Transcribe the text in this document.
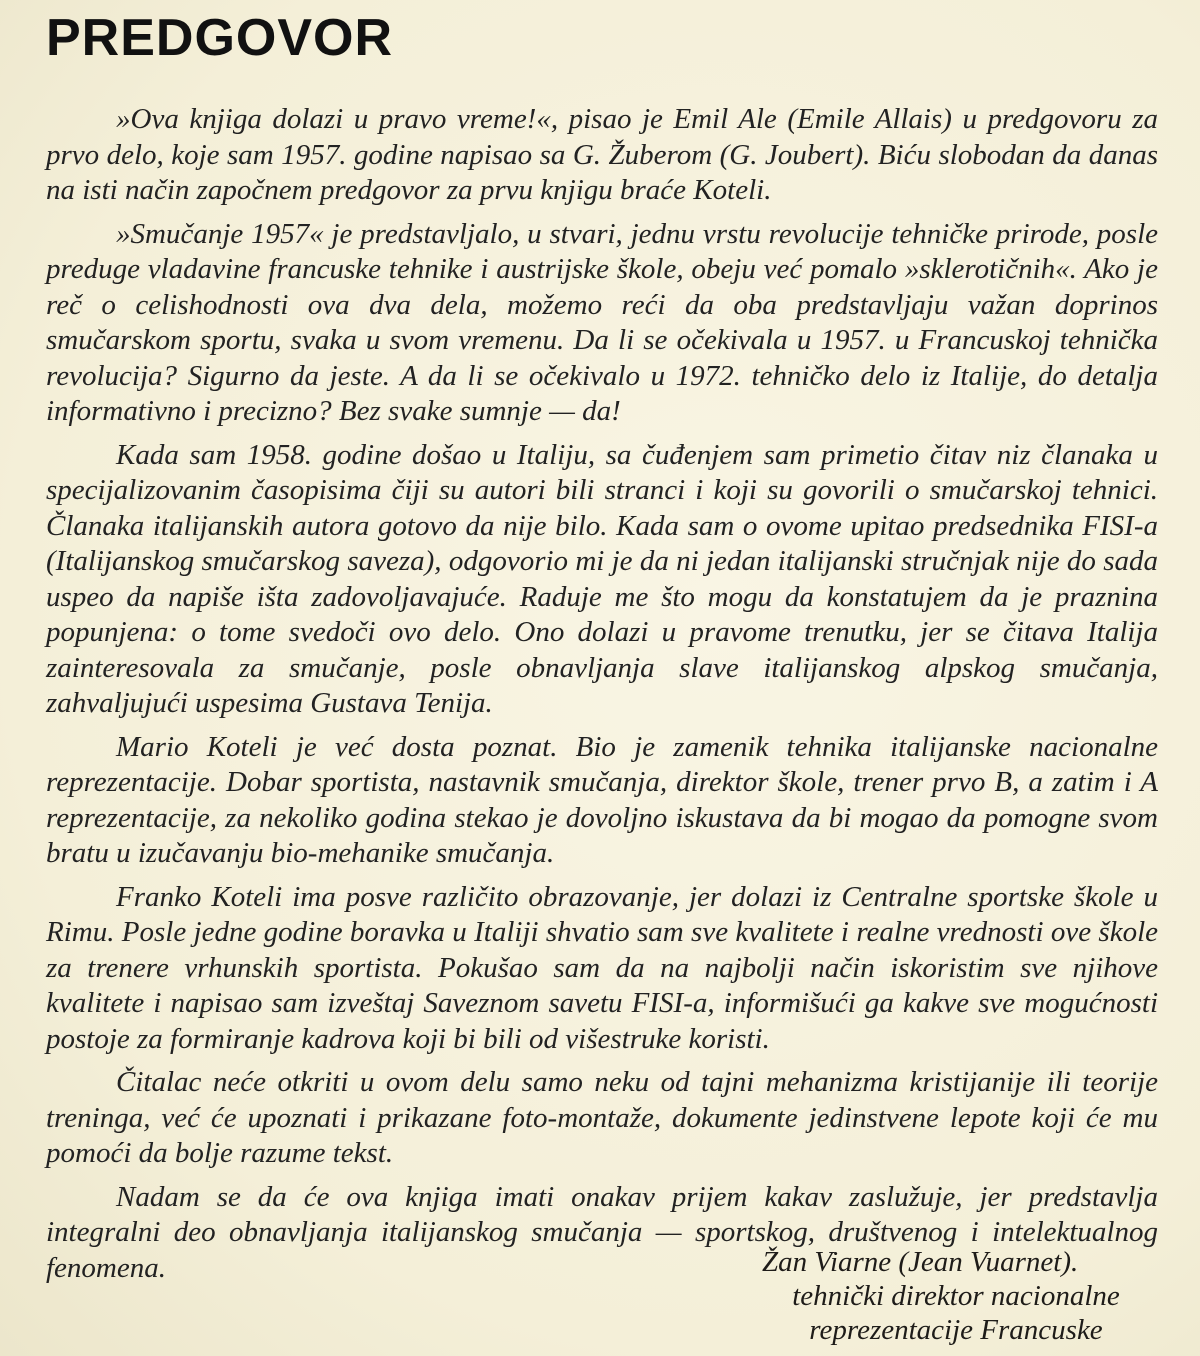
PREDGOVOR

»Ova knjiga dolazi u pravo vreme!«, pisao je Emil Ale (Emile Allais) u predgovoru za prvo delo, koje sam 1957. godine napisao sa G. Žuberom (G. Joubert). Biću slobodan da danas na isti način započnem predgovor za prvu knjigu braće Koteli.

»Smučanje 1957« je predstavljalo, u stvari, jednu vrstu revolucije tehničke prirode, posle preduge vladavine francuske tehnike i austrijske škole, obeju već pomalo »sklerotičnih«. Ako je reč o celishodnosti ova dva dela, možemo reći da oba predstavljaju važan doprinos smučarskom sportu, svaka u svom vremenu. Da li se očekivala u 1957. u Francuskoj tehnička revolucija? Sigurno da jeste. A da li se očekivalo u 1972. tehničko delo iz Italije, do detalja informativno i precizno? Bez svake sumnje — da!

Kada sam 1958. godine došao u Italiju, sa čuđenjem sam primetio čitav niz članaka u specijalizovanim časopisima čiji su autori bili stranci i koji su govorili o smučarskoj tehnici. Članaka italijanskih autora gotovo da nije bilo. Kada sam o ovome upitao predsednika FISI-a (Italijanskog smučarskog saveza), odgovorio mi je da ni jedan italijanski stručnjak nije do sada uspeo da napiše išta zadovoljavajuće. Raduje me što mogu da konstatujem da je praznina popunjena: o tome svedoči ovo delo. Ono dolazi u pravome trenutku, jer se čitava Italija zainteresovala za smučanje, posle obnavljanja slave italijanskog alpskog smučanja, zahvaljujući uspesima Gustava Tenija.

Mario Koteli je već dosta poznat. Bio je zamenik tehnika italijanske nacionalne reprezentacije. Dobar sportista, nastavnik smučanja, direktor škole, trener prvo B, a zatim i A reprezentacije, za nekoliko godina stekao je dovoljno iskustava da bi mogao da pomogne svom bratu u izučavanju bio-mehanike smučanja.

Franko Koteli ima posve različito obrazovanje, jer dolazi iz Centralne sportske škole u Rimu. Posle jedne godine boravka u Italiji shvatio sam sve kvalitete i realne vrednosti ove škole za trenere vrhunskih sportista. Pokušao sam da na najbolji način iskoristim sve njihove kvalitete i napisao sam izveštaj Saveznom savetu FISI-a, informišući ga kakve sve mogućnosti postoje za formiranje kadrova koji bi bili od višestruke koristi.

Čitalac neće otkriti u ovom delu samo neku od tajni mehanizma kristijanije ili teorije treninga, već će upoznati i prikazane foto-montaže, dokumente jedinstvene lepote koji će mu pomoći da bolje razume tekst.

Nadam se da će ova knjiga imati onakav prijem kakav zaslužuje, jer predstavlja integralni deo obnavljanja italijanskog smučanja — sportskog, društvenog i intelektualnog fenomena.	Žan Viarne (Jean Vuarnet).
tehnički direktor nacionalne
reprezentacije Francuske
